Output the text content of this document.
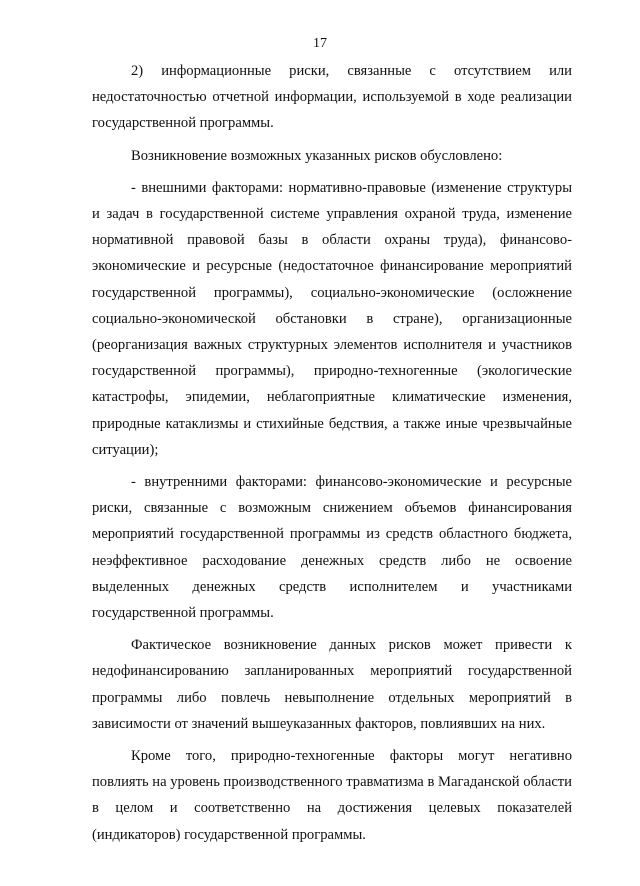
17

2) информационные риски, связанные с отсутствием или недостаточностью отчетной информации, используемой в ходе реализации государственной программы.

Возникновение возможных указанных рисков обусловлено:

- внешними факторами: нормативно-правовые (изменение структуры и задач в государственной системе управления охраной труда, изменение нормативной правовой базы в области охраны труда), финансово-экономические и ресурсные (недостаточное финансирование мероприятий государственной программы), социально-экономические (осложнение социально-экономической обстановки в стране), организационные (реорганизация важных структурных элементов исполнителя и участников государственной программы), природно-техногенные (экологические катастрофы, эпидемии, неблагоприятные климатические изменения, природные катаклизмы и стихийные бедствия, а также иные чрезвычайные ситуации);

- внутренними факторами: финансово-экономические и ресурсные риски, связанные с возможным снижением объемов финансирования мероприятий государственной программы из средств областного бюджета, неэффективное расходование денежных средств либо не освоение выделенных денежных средств исполнителем и участниками государственной программы.

Фактическое возникновение данных рисков может привести к недофинансированию запланированных мероприятий государственной программы либо повлечь невыполнение отдельных мероприятий в зависимости от значений вышеуказанных факторов, повлиявших на них.

Кроме того, природно-техногенные факторы могут негативно повлиять на уровень производственного травматизма в Магаданской области в целом и соответственно на достижения целевых показателей (индикаторов) государственной программы.
